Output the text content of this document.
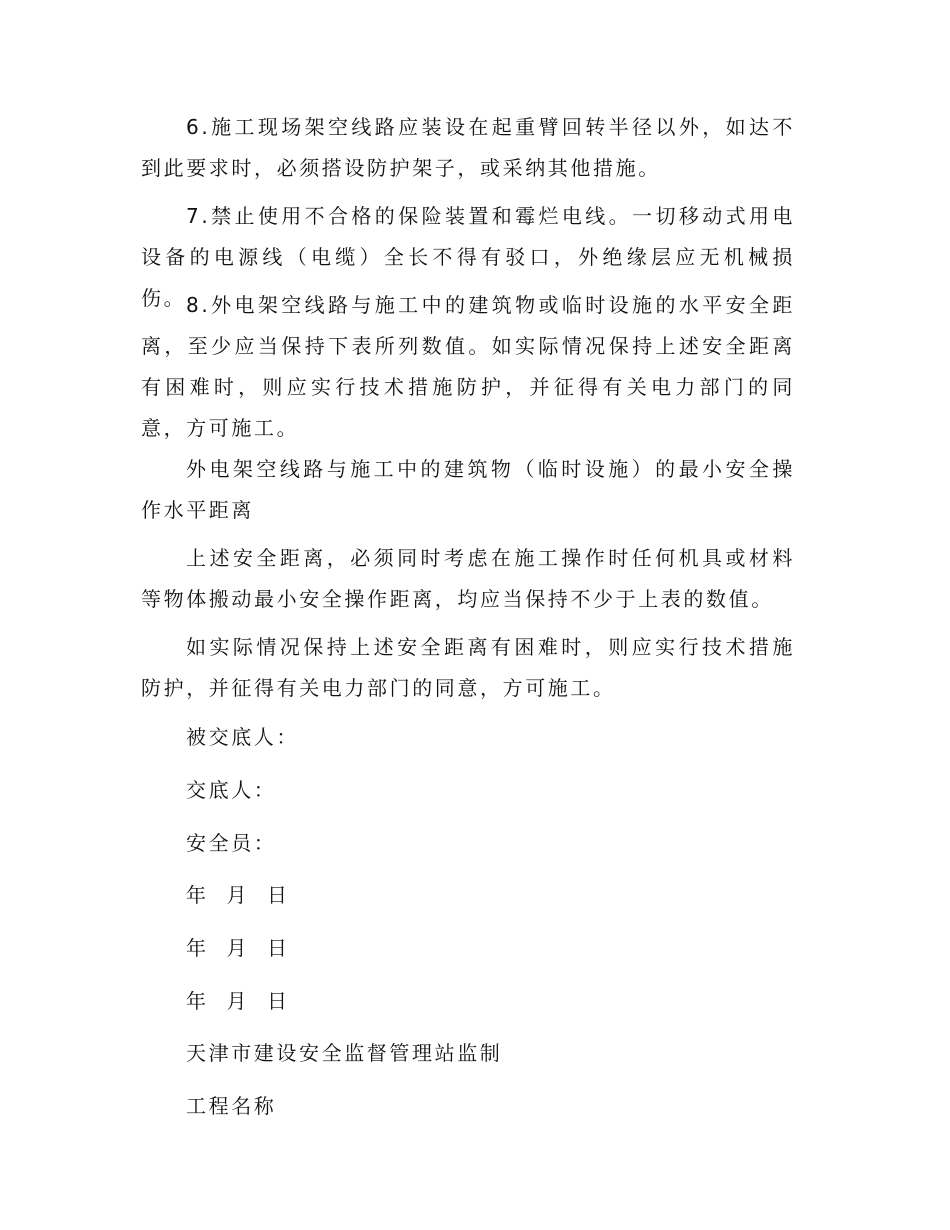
6.施工现场架空线路应装设在起重臂回转半径以外，如达不到此要求时，必须搭设防护架子，或采纳其他措施。

7.禁止使用不合格的保险装置和霉烂电线。一切移动式用电设备的电源线（电缆）全长不得有驳口，外绝缘层应无机械损伤。 8.外电架空线路与施工中的建筑物或临时设施的水平安全距离，至少应当保持下表所列数值。如实际情况保持上述安全距离有困难时，则应实行技术措施防护，并征得有关电力部门的同意，方可施工。

外电架空线路与施工中的建筑物（临时设施）的最小安全操作水平距离

上述安全距离，必须同时考虑在施工操作时任何机具或材料等物体搬动最小安全操作距离，均应当保持不少于上表的数值。

如实际情况保持上述安全距离有困难时，则应实行技术措施防护，并征得有关电力部门的同意，方可施工。

被交底人：

交底人：

安全员：

年  月  日

年  月  日

年  月  日

天津市建设安全监督管理站监制

工程名称
